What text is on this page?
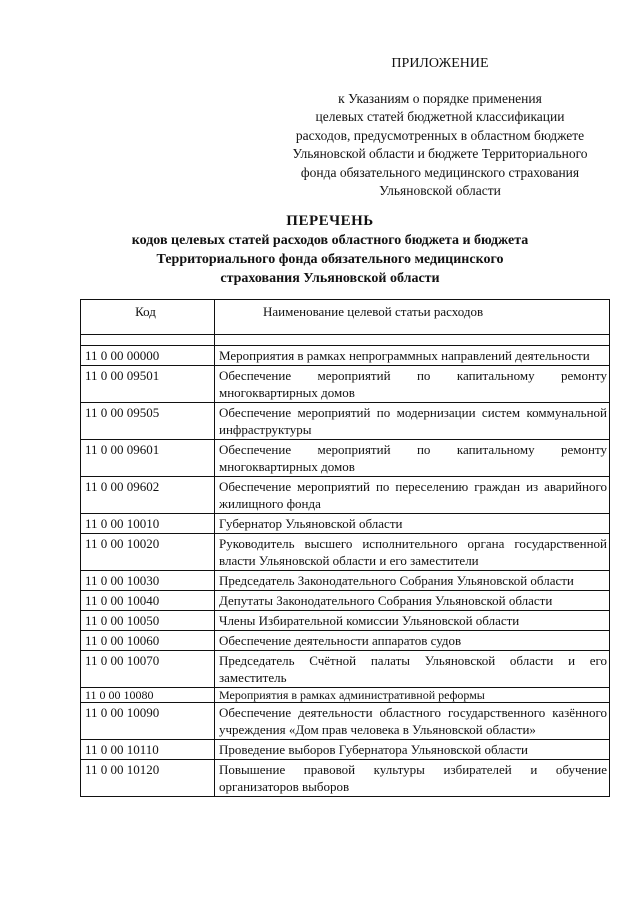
ПРИЛОЖЕНИЕ
к Указаниям о порядке применения
целевых статей бюджетной классификации
расходов, предусмотренных в областном бюджете
Ульяновской области и бюджете Территориального
фонда обязательного медицинского страхования
Ульяновской области
ПЕРЕЧЕНЬ
кодов целевых статей расходов областного бюджета и бюджета
Территориального фонда обязательного медицинского
страхования Ульяновской области
Код	Наименование целевой статьи расходов

11 0 00 00000	Мероприятия в рамках непрограммных направлений деятельности
11 0 00 09501	Обеспечение мероприятий по капитальному ремонту многоквартирных домов
11 0 00 09505	Обеспечение мероприятий по модернизации систем коммунальной инфраструктуры
11 0 00 09601	Обеспечение мероприятий по капитальному ремонту многоквартирных домов
11 0 00 09602	Обеспечение мероприятий по переселению граждан из аварийного жилищного фонда
11 0 00 10010	Губернатор Ульяновской области
11 0 00 10020	Руководитель высшего исполнительного органа государственной власти Ульяновской области и его заместители
11 0 00 10030	Председатель Законодательного Собрания Ульяновской области
11 0 00 10040	Депутаты Законодательного Собрания Ульяновской области
11 0 00 10050	Члены Избирательной комиссии Ульяновской области
11 0 00 10060	Обеспечение деятельности аппаратов судов
11 0 00 10070	Председатель Счётной палаты Ульяновской области и его заместитель
11 0 00 10080	Мероприятия в рамках административной реформы
11 0 00 10090	Обеспечение деятельности областного государственного казённого учреждения «Дом прав человека в Ульяновской области»
11 0 00 10110	Проведение выборов Губернатора Ульяновской области
11 0 00 10120	Повышение правовой культуры избирателей и обучение организаторов выборов
